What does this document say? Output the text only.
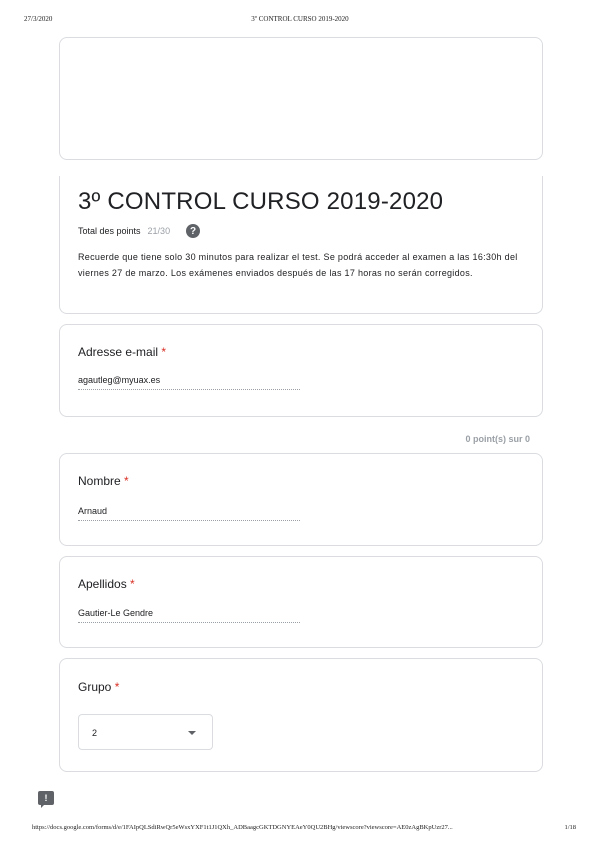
27/3/2020	3º CONTROL CURSO 2019-2020
3º CONTROL CURSO 2019-2020
Total des points 21/30	?
Recuerde que tiene solo 30 minutos para realizar el test. Se podrá acceder al examen a las 16:30h del viernes 27 de marzo. Los exámenes enviados después de las 17 horas no serán corregidos.
Adresse e-mail *
agautleg@myuax.es
0 point(s) sur 0
Nombre *
Arnaud
Apellidos *
Gautier-Le Gendre
Grupo *
2
!
https://docs.google.com/forms/d/e/1FAIpQLSdiRwQr5eWsxYXF1t1J1QXh_ADBaagcGKTDGNYEAeY0QU2BHg/viewscore?viewscore=AE0zAgBKpUzr27...	1/18
